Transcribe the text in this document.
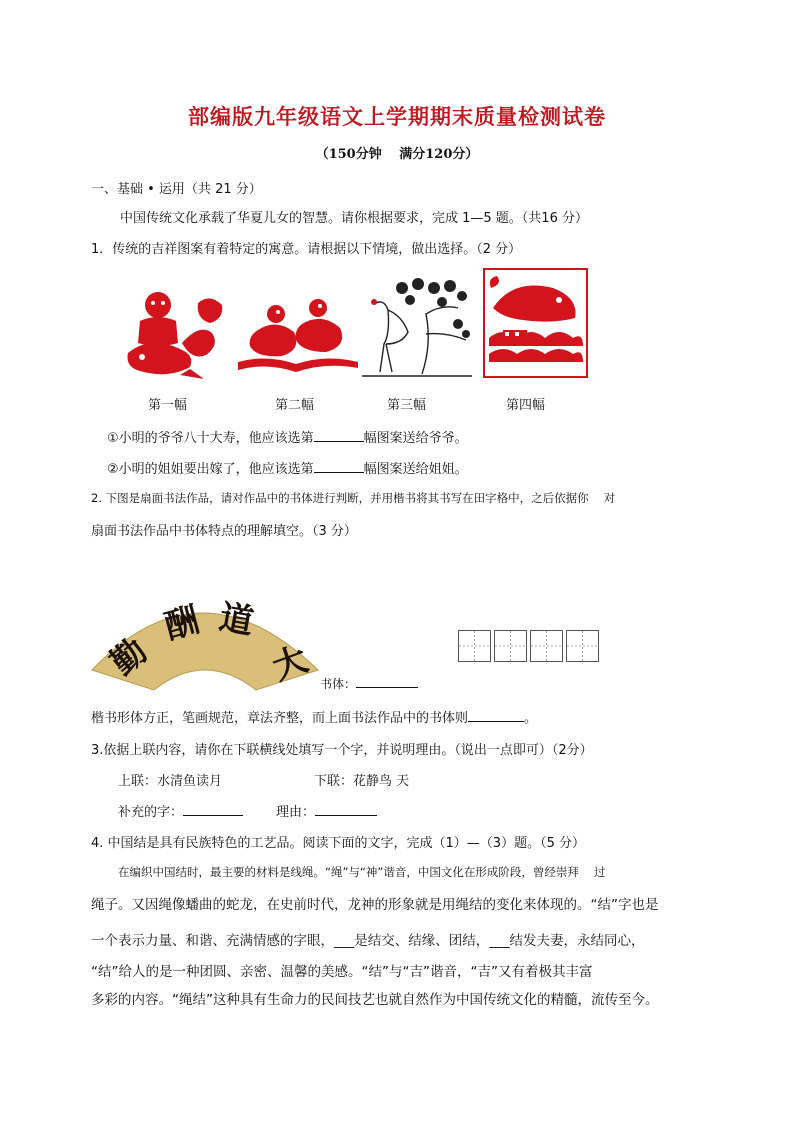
部编版九年级语文上学期期末质量检测试卷
（150分钟　 满分120分）
一、基础 • 运用（共 21 分）
中国传统文化承载了华夏儿女的智慧。请你根据要求，完成 1—5 题。（共16 分）
1．传统的吉祥图案有着特定的寓意。请根据以下情境，做出选择。（2 分）
第一幅	第二幅	第三幅	第四幅
①小明的爷爷八十大寿，他应该选第	幅图案送给爷爷。
②小明的姐姐要出嫁了，他应该选第	幅图案送给姐姐。
2. 下图是扇面书法作品，请对作品中的书体进行判断，并用楷书将其书写在田字格中，之后依据你　 对
扇面书法作品中书体特点的理解填空。（3 分）
大
道
酬
勤
书体：
楷书形体方正，笔画规范，章法齐整，而上面书法作品中的书体则	。
3.依据上联内容，请你在下联横线处填写一个字，并说明理由。（说出一点即可）（2分）
上联：水清鱼读月	下联：花静鸟 天
补充的字：	理由：
4. 中国结是具有民族特色的工艺品。阅读下面的文字，完成（1）—（3）题。（5 分）
在编织中国结时，最主要的材料是线绳。“绳”与“神”谐音，中国文化在形成阶段，曾经崇拜　 过
绳子。又因绳像蟠曲的蛇龙，在史前时代，龙神的形象就是用绳结的变化来体现的。“结”字也是
一个表示力量、和谐、充满情感的字眼，___是结交、结缘、团结，___结发夫妻，永结同心，
“结”给人的是一种团圆、亲密、温馨的美感。“结”与“吉”谐音，“吉”又有着极其丰富
多彩的内容。“绳结”这种具有生命力的民间技艺也就自然作为中国传统文化的精髓，流传至今。
